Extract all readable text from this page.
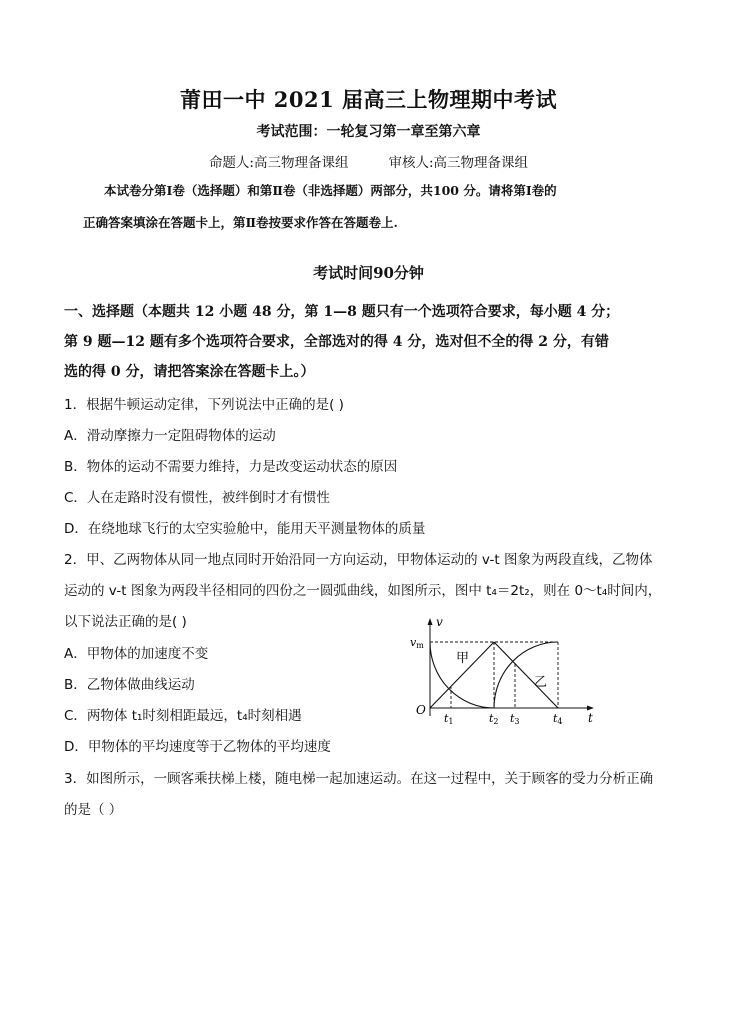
莆田一中 2021 届高三上物理期中考试
考试范围：一轮复习第一章至第六章
命题人:高三物理备课组	审核人:高三物理备课组
本试卷分第Ⅰ卷（选择题）和第Ⅱ卷（非选择题）两部分，共100 分。请将第Ⅰ卷的
正确答案填涂在答题卡上，第Ⅱ卷按要求作答在答题卷上.
考试时间90分钟
一、选择题（本题共 12 小题 48 分，第 1—8 题只有一个选项符合要求，每小题 4 分；
第 9 题—12 题有多个选项符合要求，全部选对的得 4 分，选对但不全的得 2 分，有错
选的得 0 分，请把答案涂在答题卡上。）
1．根据牛顿运动定律，下列说法中正确的是( )
A．滑动摩擦力一定阻碍物体的运动
B．物体的运动不需要力维持，力是改变运动状态的原因
C．人在走路时没有惯性，被绊倒时才有惯性
D．在绕地球飞行的太空实验舱中，能用天平测量物体的质量
2．甲、乙两物体从同一地点同时开始沿同一方向运动，甲物体运动的 v-t 图象为两段直线，乙物体
运动的 v-t 图象为两段半径相同的四份之一圆弧曲线，如图所示，图中 t₄＝2t₂，则在 0～t₄时间内，
以下说法正确的是( )
A．甲物体的加速度不变
B．乙物体做曲线运动
C．两物体 t₁时刻相距最远，t₄时刻相遇
D．甲物体的平均速度等于乙物体的平均速度
v
t
vm
O
甲
乙
t1	t2 t3	t4
3．如图所示，一顾客乘扶梯上楼，随电梯一起加速运动。在这一过程中，关于顾客的受力分析正确
的是（ ）
